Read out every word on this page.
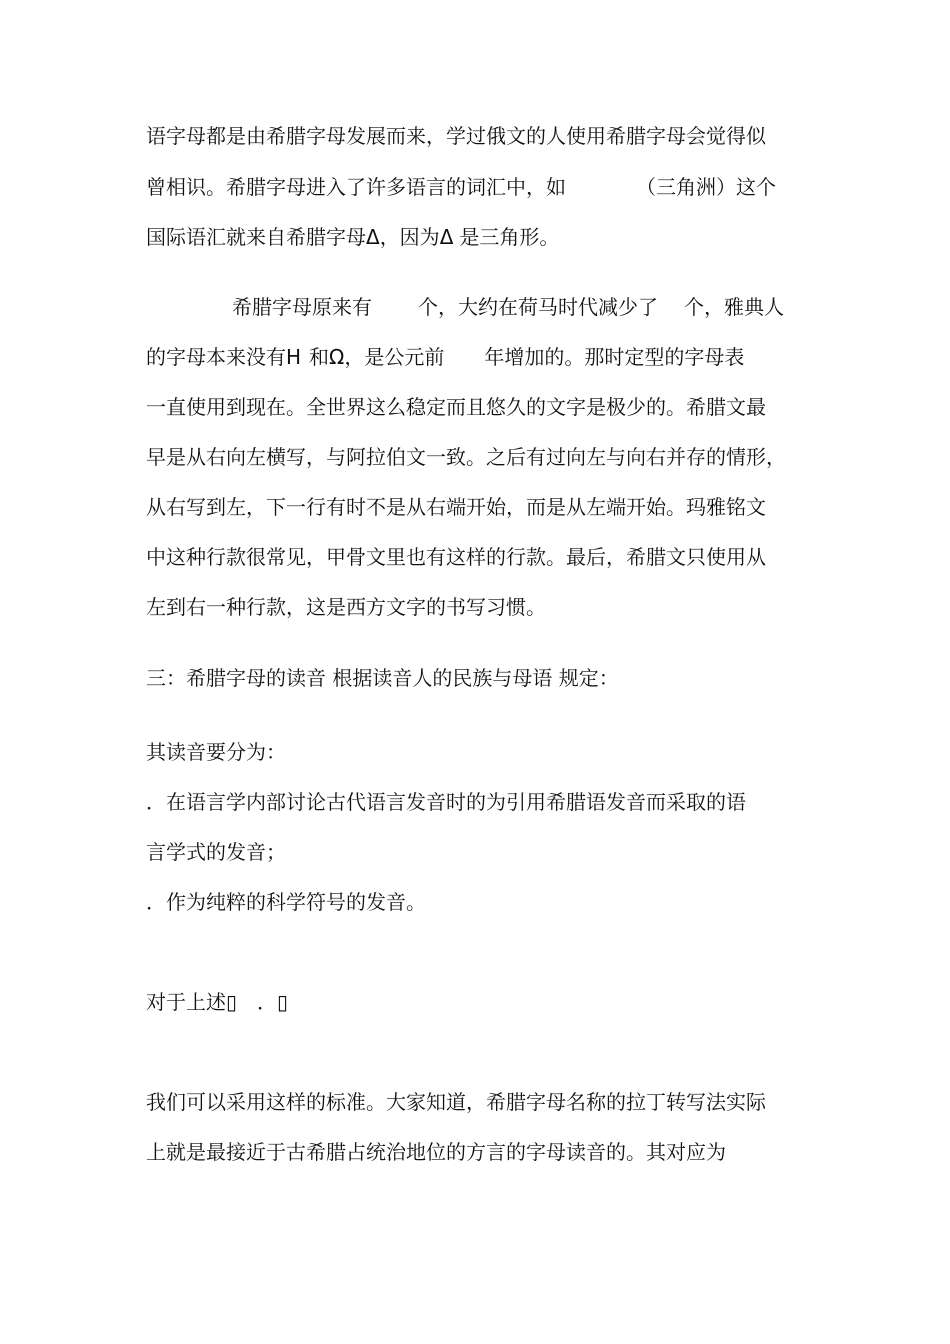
语字母都是由希腊字母发展而来，学过俄文的人使用希腊字母会觉得似

曾相识。希腊字母进入了许多语言的词汇中，如	（三角洲）这个

国际语汇就来自希腊字母Δ，因为Δ 是三角形。

希腊字母原来有 个，大约在荷马时代减少了 个，雅典人

的字母本来没有Η 和Ω，是公元前 年增加的。那时定型的字母表

一直使用到现在。全世界这么稳定而且悠久的文字是极少的。希腊文最

早是从右向左横写，与阿拉伯文一致。之后有过向左与向右并存的情形，

从右写到左，下一行有时不是从右端开始，而是从左端开始。玛雅铭文

中这种行款很常见，甲骨文里也有这样的行款。最后，希腊文只使用从

左到右一种行款，这是西方文字的书写习惯。

三：希腊字母的读音 根据读音人的民族与母语 规定：

其读音要分为：

．在语言学内部讨论古代语言发音时的为引用希腊语发音而采取的语

言学式的发音；

．作为纯粹的科学符号的发音。

对于上述▯　．▯

我们可以采用这样的标准。大家知道，希腊字母名称的拉丁转写法实际

上就是最接近于古希腊占统治地位的方言的字母读音的。其对应为
